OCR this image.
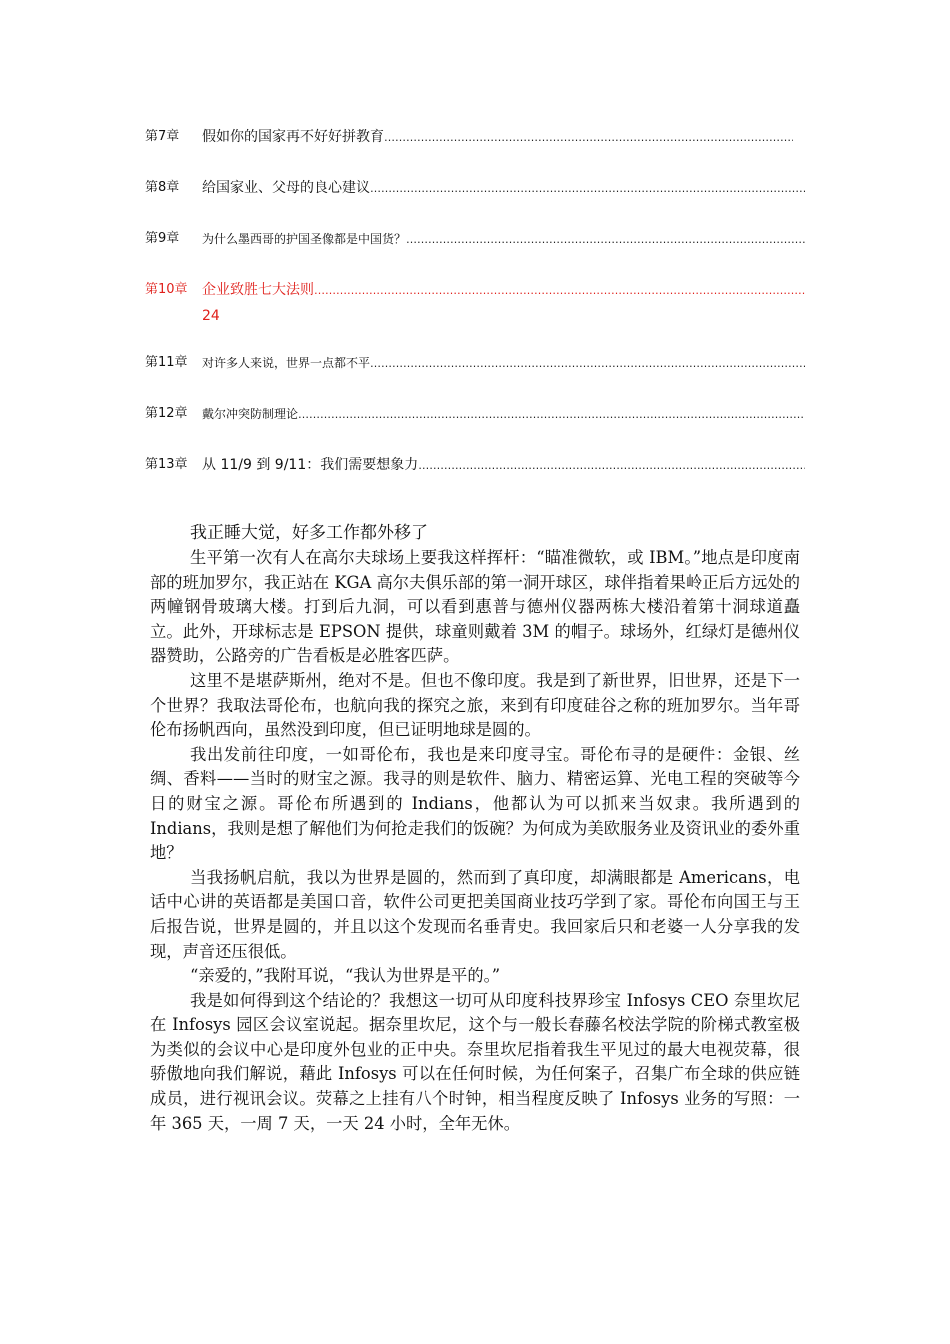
第7章	假如你的国家再不好好拼教育
……………………………………………………………………………………………………………………………………………………………………………………
第8章	给国家业、父母的良心建议
……………………………………………………………………………………………………………………………………………………………………………………
第9章	为什么墨西哥的护国圣像都是中国货？
……………………………………………………………………………………………………………………………………………………………………………………
第10章	企业致胜七大法则
……………………………………………………………………………………………………………………………………………………………………………………
24
第11章	对许多人来说，世界一点都不平
……………………………………………………………………………………………………………………………………………………………………………………
第12章	戴尔冲突防制理论
……………………………………………………………………………………………………………………………………………………………………………………
第13章	从 11/9 到 9/11：我们需要想象力
……………………………………………………………………………………………………………………………………………………………………………………
我正睡大觉，好多工作都外移了

生平第一次有人在高尔夫球场上要我这样挥杆：“瞄准微软，或 IBM。”地点是印度南部的班加罗尔，我正站在 KGA 高尔夫俱乐部的第一洞开球区，球伴指着果岭正后方远处的两幢钢骨玻璃大楼。打到后九洞，可以看到惠普与德州仪器两栋大楼沿着第十洞球道矗立。此外，开球标志是 EPSON 提供，球童则戴着 3M 的帽子。球场外，红绿灯是德州仪器赞助，公路旁的广告看板是必胜客匹萨。

这里不是堪萨斯州，绝对不是。但也不像印度。我是到了新世界，旧世界，还是下一个世界？我取法哥伦布，也航向我的探究之旅，来到有印度硅谷之称的班加罗尔。当年哥伦布扬帆西向，虽然没到印度，但已证明地球是圆的。

我出发前往印度，一如哥伦布，我也是来印度寻宝。哥伦布寻的是硬件：金银、丝绸、香料——当时的财宝之源。我寻的则是软件、脑力、精密运算、光电工程的突破等今日的财宝之源。哥伦布所遇到的 Indians，他都认为可以抓来当奴隶。我所遇到的 Indians，我则是想了解他们为何抢走我们的饭碗？为何成为美欧服务业及资讯业的委外重地？

当我扬帆启航，我以为世界是圆的，然而到了真印度，却满眼都是 Americans，电话中心讲的英语都是美国口音，软件公司更把美国商业技巧学到了家。哥伦布向国王与王后报告说，世界是圆的，并且以这个发现而名垂青史。我回家后只和老婆一人分享我的发现，声音还压很低。

“亲爱的，”我附耳说，“我认为世界是平的。”

我是如何得到这个结论的？我想这一切可从印度科技界珍宝 Infosys CEO 奈里坎尼在 Infosys 园区会议室说起。据奈里坎尼，这个与一般长春藤名校法学院的阶梯式教室极为类似的会议中心是印度外包业的正中央。奈里坎尼指着我生平见过的最大电视荧幕，很骄傲地向我们解说，藉此 Infosys 可以在任何时候，为任何案子，召集广布全球的供应链成员，进行视讯会议。荧幕之上挂有八个时钟，相当程度反映了 Infosys 业务的写照：一年 365 天，一周 7 天，一天 24 小时，全年无休。
